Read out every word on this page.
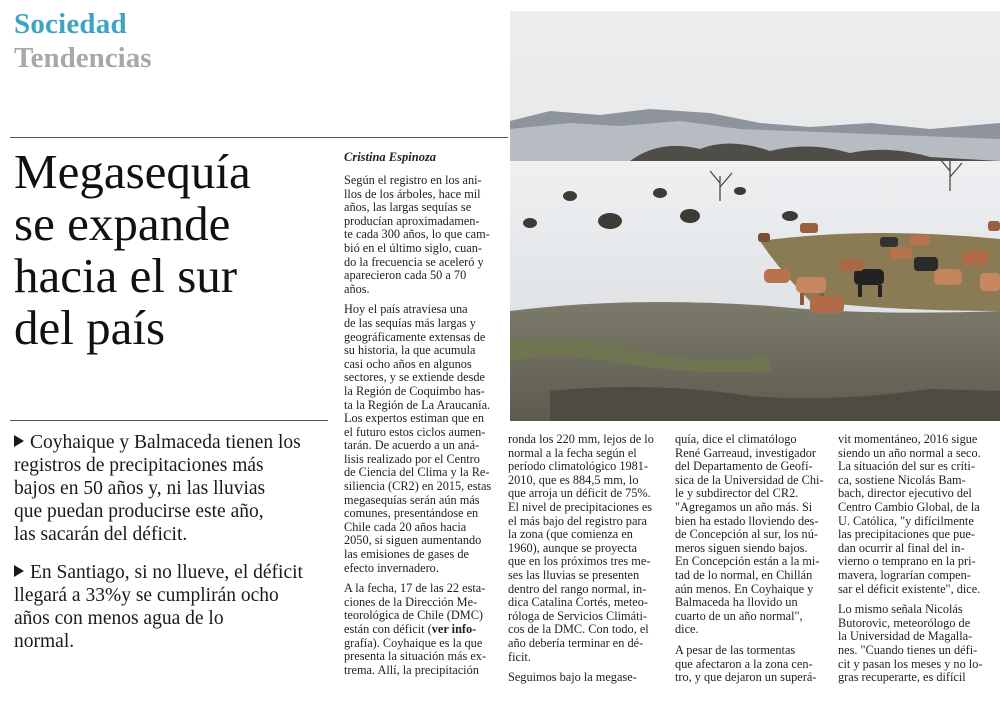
Sociedad
Tendencias
Megasequía
se expande
hacia el sur
del país
Coyhaique y Balmaceda tienen los
registros de precipitaciones más
bajos en 50 años y, ni las lluvias
que puedan producirse este año,
las sacarán del déficit.
En Santiago, si no llueve, el déficit
llegará a 33%y se cumplirán ocho
años con menos agua de lo
normal.
Cristina Espinoza
Según el registro en los ani-
llos de los árboles, hace mil
años, las largas sequías se
producían aproximadamen-
te cada 300 años, lo que cam-
bió en el último siglo, cuan-
do la frecuencia se aceleró y
aparecieron cada 50 a 70
años.
Hoy el país atraviesa una
de las sequías más largas y
geográficamente extensas de
su historia, la que acumula
casi ocho años en algunos
sectores, y se extiende desde
la Región de Coquimbo has-
ta la Región de La Araucanía.
Los expertos estiman que en
el futuro estos ciclos aumen-
tarán. De acuerdo a un aná-
lisis realizado por el Centro
de Ciencia del Clima y la Re-
siliencia (CR2) en 2015, estas
megasequías serán aún más
comunes, presentándose en
Chile cada 20 años hacia
2050, si siguen aumentando
las emisiones de gases de
efecto invernadero.
A la fecha, 17 de las 22 esta-
ciones de la Dirección Me-
teorológica de Chile (DMC)
están con déficit (ver info-
grafía). Coyhaique es la que
presenta la situación más ex-
trema. Allí, la precipitación
ronda los 220 mm, lejos de lo
normal a la fecha según el
período climatológico 1981-
2010, que es 884,5 mm, lo
que arroja un déficit de 75%.
El nivel de precipitaciones es
el más bajo del registro para
la zona (que comienza en
1960), aunque se proyecta
que en los próximos tres me-
ses las lluvias se presenten
dentro del rango normal, in-
dica Catalina Cortés, meteo-
róloga de Servicios Climáti-
cos de la DMC. Con todo, el
año debería terminar en dé-
ficit.
Seguimos bajo la megase-
quía, dice el climatólogo
René Garreaud, investigador
del Departamento de Geofí-
sica de la Universidad de Chi-
le y subdirector del CR2.
"Agregamos un año más. Si
bien ha estado lloviendo des-
de Concepción al sur, los nú-
meros siguen siendo bajos.
En Concepción están a la mi-
tad de lo normal, en Chillán
aún menos. En Coyhaique y
Balmaceda ha llovido un
cuarto de un año normal",
dice.
A pesar de las tormentas
que afectaron a la zona cen-
tro, y que dejaron un superá-
vit momentáneo, 2016 sigue
siendo un año normal a seco.
La situación del sur es críti-
ca, sostiene Nicolás Bam-
bach, director ejecutivo del
Centro Cambio Global, de la
U. Católica, "y difícilmente
las precipitaciones que pue-
dan ocurrir al final del in-
vierno o temprano en la pri-
mavera, lograrían compen-
sar el déficit existente", dice.
Lo mismo señala Nicolás
Butorovic, meteorólogo de
la Universidad de Magalla-
nes. "Cuando tienes un défi-
cit y pasan los meses y no lo-
gras recuperarte, es difícil
